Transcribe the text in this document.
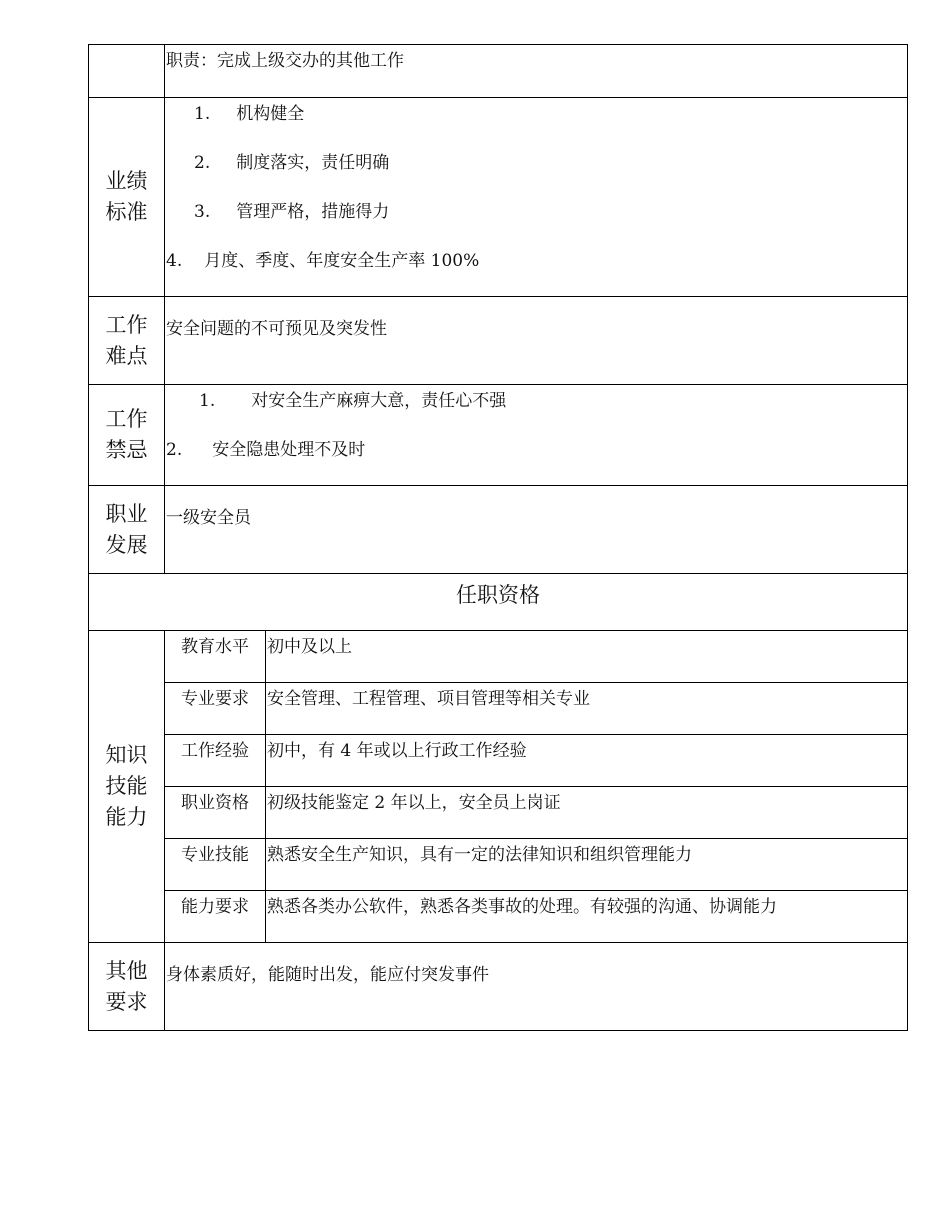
	职责：完成上级交办的其他工作	

业绩标准	1. 机构健全
2. 制度落实，责任明确
3. 管理严格，措施得力
4. 月度、季度、年度安全生产率 100%	

工作难点	安全问题的不可预见及突发性	

工作禁忌	1. 对安全生产麻痹大意，责任心不强
2. 安全隐患处理不及时	

职业发展	一级安全员	

任职资格		
知识技能能力	教育水平	初中及以上
	专业要求	安全管理、工程管理、项目管理等相关专业
	工作经验	初中，有 4 年或以上行政工作经验
	职业资格	初级技能鉴定 2 年以上，安全员上岗证
	专业技能	熟悉安全生产知识，具有一定的法律知识和组织管理能力
	能力要求	熟悉各类办公软件，熟悉各类事故的处理。有较强的沟通、协调能力
其他要求	身体素质好，能随时出发，能应付突发事件	
